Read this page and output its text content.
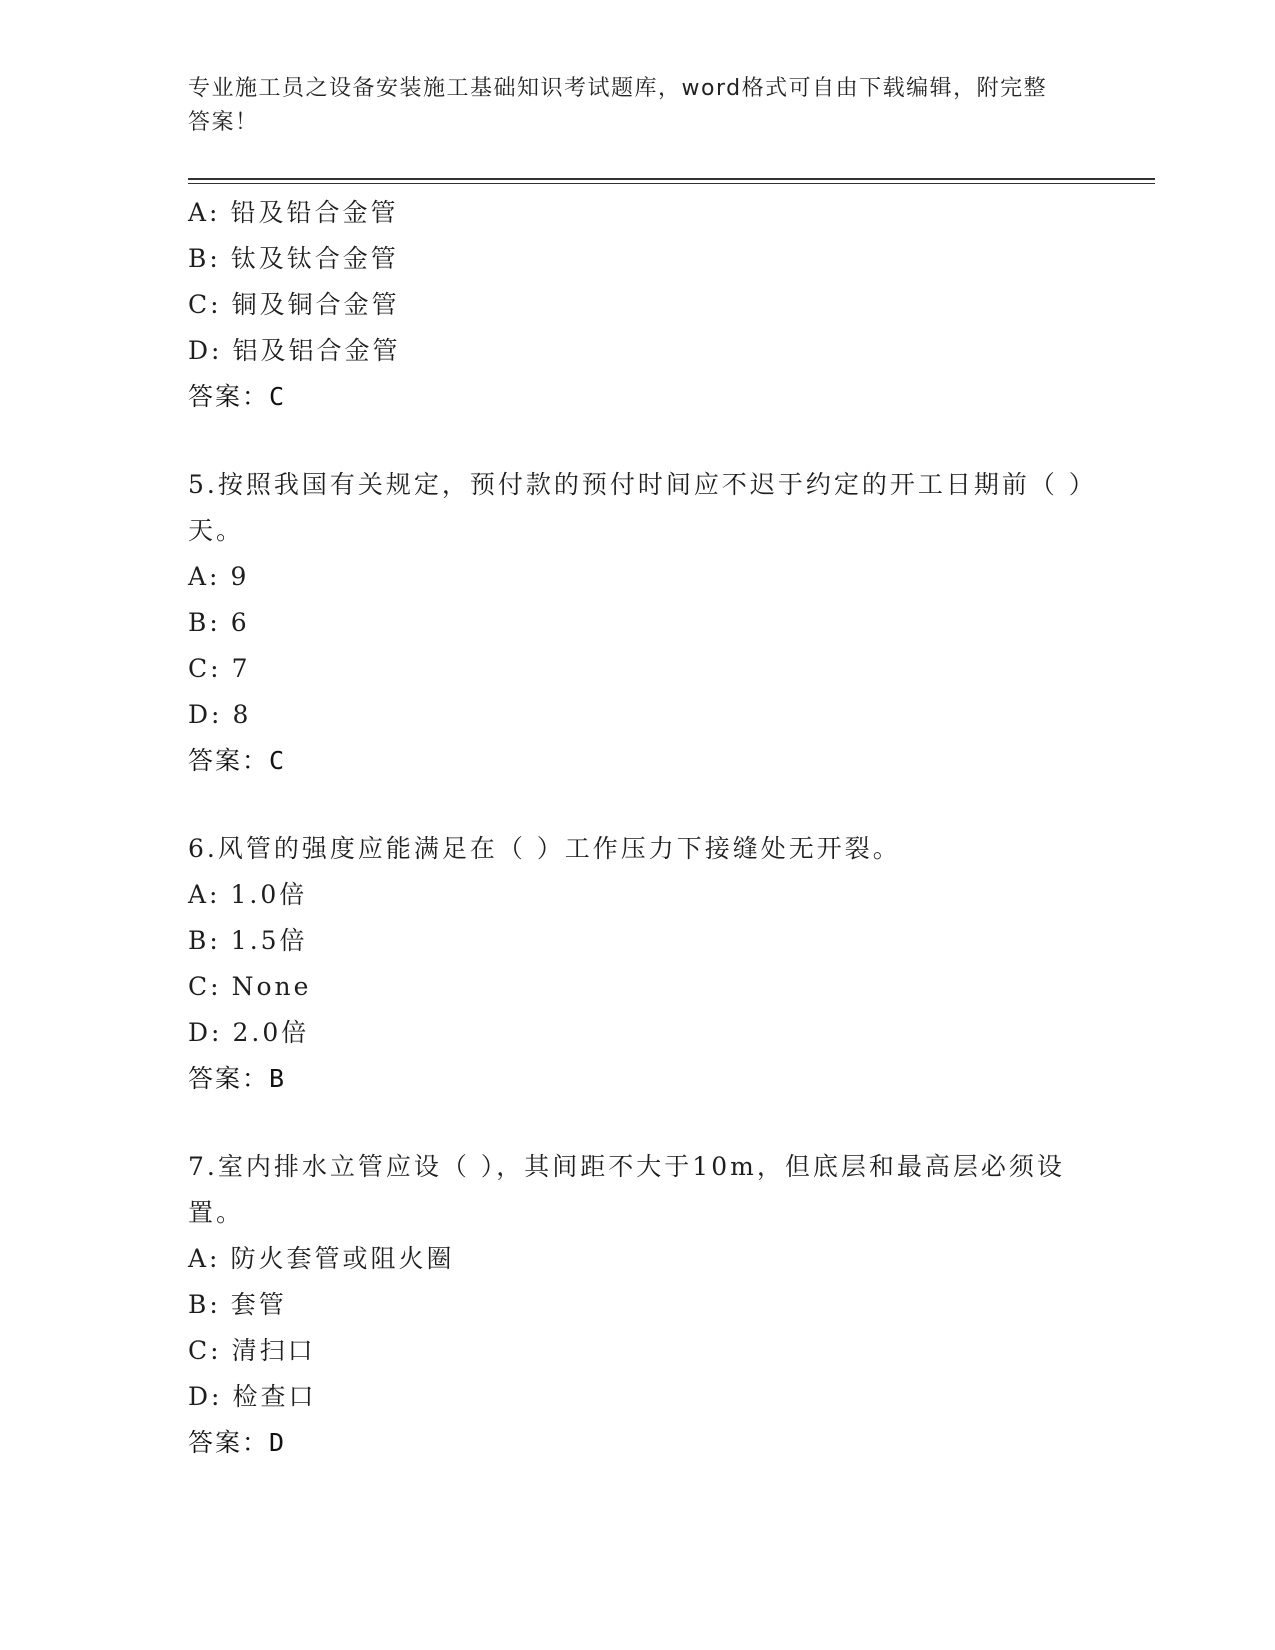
专业施工员之设备安装施工基础知识考试题库，word格式可自由下载编辑，附完整答案！
A: 铅及铅合金管
B: 钛及钛合金管
C: 铜及铜合金管
D: 铝及铝合金管
答案：C
5.按照我国有关规定，预付款的预付时间应不迟于约定的开工日期前（ ）天。
A: 9
B: 6
C: 7
D: 8
答案：C
6.风管的强度应能满足在（ ）工作压力下接缝处无开裂。
A: 1.0倍
B: 1.5倍
C: None
D: 2.0倍
答案：B
7.室内排水立管应设（ ），其间距不大于10m，但底层和最高层必须设置。
A: 防火套管或阻火圈
B: 套管
C: 清扫口
D: 检查口
答案：D
